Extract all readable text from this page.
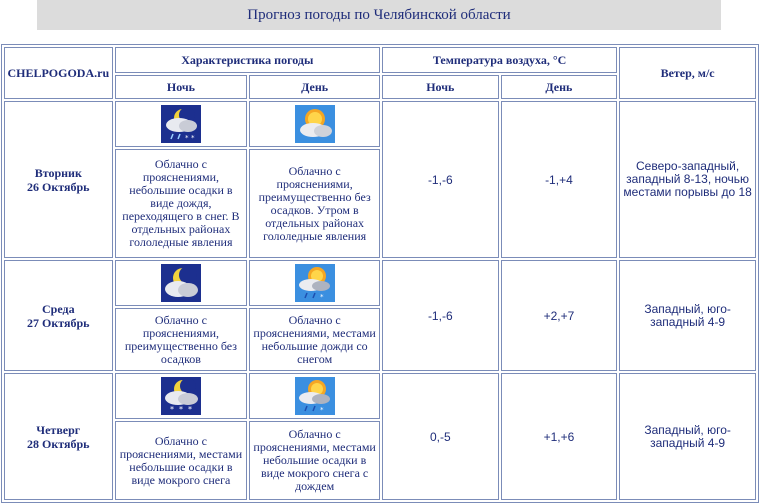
Прогноз погоды по Челябинской области
CHELPOGODA.ru	Характеристика погоды		Температура воздуха, °С		Ветер, м/с
	Ночь	День	Ночь	День	
Вторник
26 Октябрь	* *		-1,-6	-1,+4	Северо-западный, западный 8-13, ночью местами порывы до 18
	Облачно с прояснениями, небольшие осадки в виде дождя, переходящего в снег. В отдельных районах гололедные явления	Облачно с прояснениями, преимущественно без осадков. Утром в отдельных районах гололедные явления			
Среда
27 Октябрь		*	-1,-6	+2,+7	Западный, юго-западный 4-9
	Облачно с прояснениями, преимущественно без осадков	Облачно с прояснениями, местами небольшие дожди со снегом			
Четверг
28 Октябрь	* * *	*	0,-5	+1,+6	Западный, юго-западный 4-9
	Облачно с прояснениями, местами небольшие осадки в виде мокрого снега	Облачно с прояснениями, местами небольшие осадки в виде мокрого снега с дождем			
